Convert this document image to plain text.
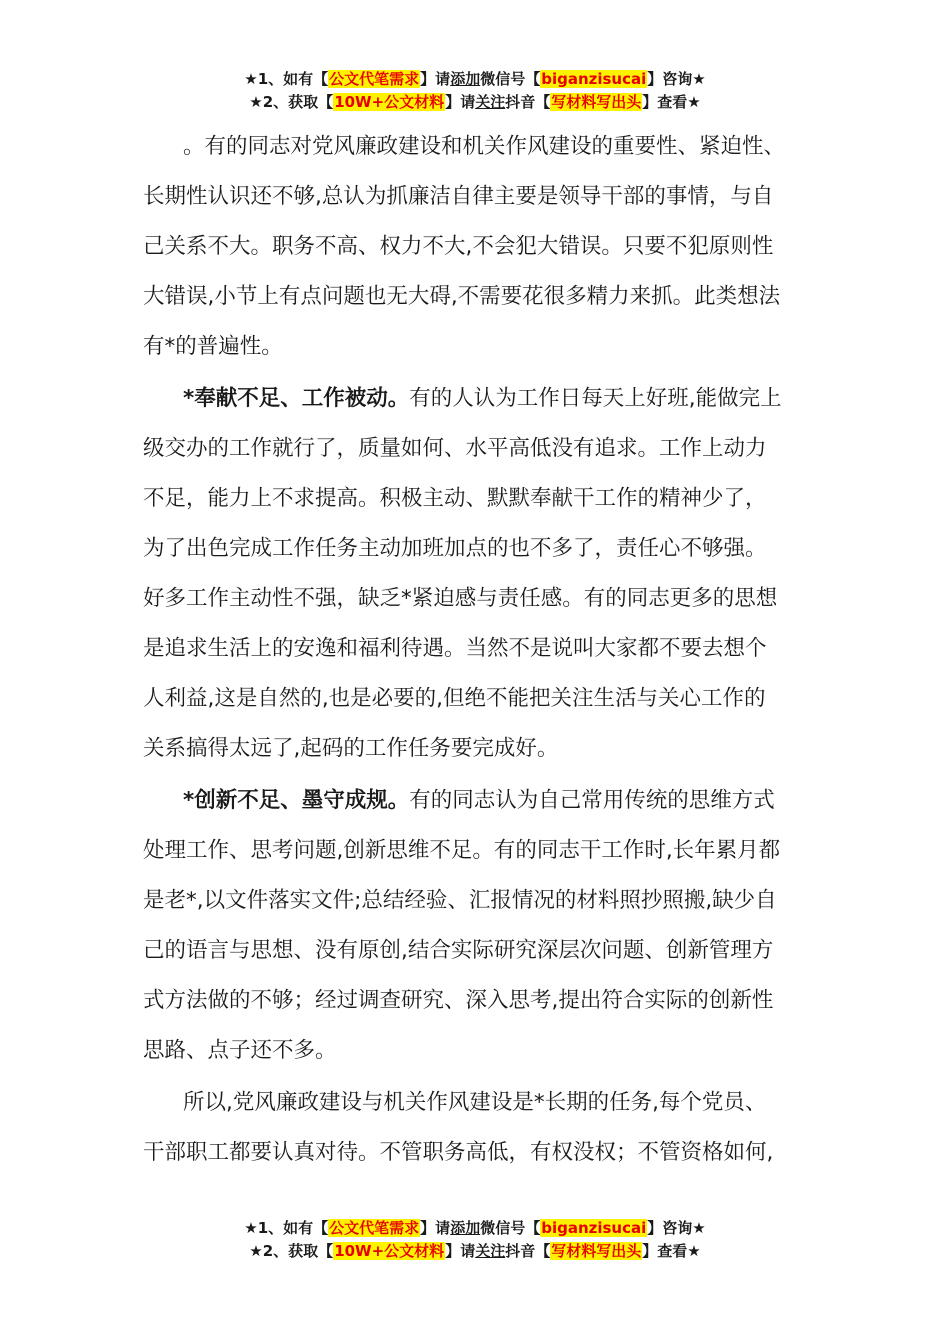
★1、如有【公文代笔需求】请添加微信号【biganzisucai】咨询★
★2、获取【10W+公文材料】请关注抖音【写材料写出头】查看★
。有的同志对党风廉政建设和机关作风建设的重要性、紧迫性、
长期性认识还不够,总认为抓廉洁自律主要是领导干部的事情，与自
己关系不大。职务不高、权力不大,不会犯大错误。只要不犯原则性
大错误,小节上有点问题也无大碍,不需要花很多精力来抓。此类想法
有*的普遍性。
*奉献不足、工作被动。有的人认为工作日每天上好班,能做完上
级交办的工作就行了，质量如何、水平高低没有追求。工作上动力
不足，能力上不求提高。积极主动、默默奉献干工作的精神少了，
为了出色完成工作任务主动加班加点的也不多了，责任心不够强。
好多工作主动性不强，缺乏*紧迫感与责任感。有的同志更多的思想
是追求生活上的安逸和福利待遇。当然不是说叫大家都不要去想个
人利益,这是自然的,也是必要的,但绝不能把关注生活与关心工作的
关系搞得太远了,起码的工作任务要完成好。
*创新不足、墨守成规。有的同志认为自己常用传统的思维方式
处理工作、思考问题,创新思维不足。有的同志干工作时,长年累月都
是老*,以文件落实文件;总结经验、汇报情况的材料照抄照搬,缺少自
己的语言与思想、没有原创,结合实际研究深层次问题、创新管理方
式方法做的不够；经过调查研究、深入思考,提出符合实际的创新性
思路、点子还不多。
所以,党风廉政建设与机关作风建设是*长期的任务,每个党员、
干部职工都要认真对待。不管职务高低，有权没权；不管资格如何,
★1、如有【公文代笔需求】请添加微信号【biganzisucai】咨询★
★2、获取【10W+公文材料】请关注抖音【写材料写出头】查看★
